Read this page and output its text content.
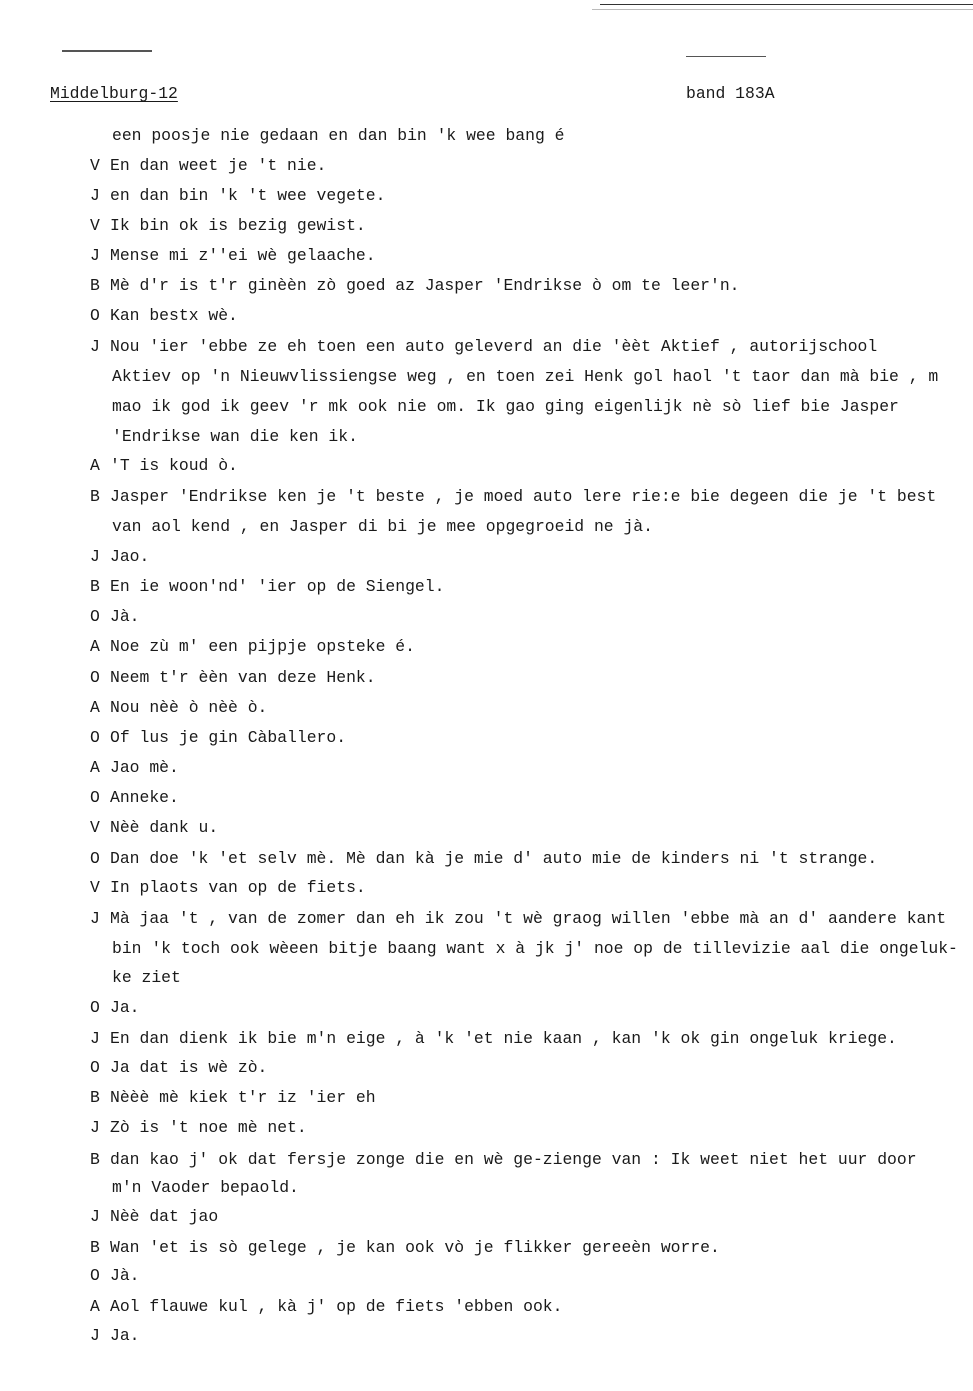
Middelburg-12	band 183A
een poosje nie gedaan en dan bin 'k wee bang é
V En dan weet je 't nie.
J en dan bin 'k 't wee vegete.
V Ik bin ok is bezig gewist.
J Mense mi z''ei wè gelaache.
B Mè d'r is t'r ginèèn zò goed az Jasper 'Endrikse ò om te leer'n.
O Kan bestx wè.
J Nou 'ier 'ebbe ze eh toen een auto geleverd an die 'èèt Aktief , autorijschool
Aktiev op 'n Nieuwvlissiengse weg , en toen zei Henk gol haol 't taor dan mà bie , m
mao ik god ik geev 'r mk ook nie om. Ik gao ging eigenlijk nè sò lief bie Jasper
'Endrikse wan die ken ik.
A 'T is koud ò.
B Jasper 'Endrikse ken je 't beste , je moed auto lere rie:e bie degeen die je 't best
van aol kend , en Jasper di bi je mee opgegroeid ne jà.
J Jao.
B En ie woon'nd' 'ier op de Siengel.
O Jà.
A Noe zù m' een pijpje opsteke é.
O Neem t'r èèn van deze Henk.
A Nou nèè ò nèè ò.
O Of lus je gin Càballero.
A Jao mè.
O Anneke.
V Nèè dank u.
O Dan doe 'k 'et selv mè. Mè dan kà je mie d' auto mie de kinders ni 't strange.
V In plaots van op de fiets.
J Mà jaa 't , van de zomer dan eh ik zou 't wè graog willen 'ebbe mà an d' aandere kant
bin 'k toch ook wèeen bitje baang want x à jk j' noe op de tillevizie aal die ongeluk-
ke ziet
O Ja.
J En dan dienk ik bie m'n eige , à 'k 'et nie kaan , kan 'k ok gin ongeluk kriege.
O Ja dat is wè zò.
B Nèèè mè kiek t'r iz 'ier eh
J Zò is 't noe mè net.
B dan kao j' ok dat fersje zonge die en wè ge-zienge van : Ik weet niet het uur door
m'n Vaoder bepaold.
J Nèè dat jao
B Wan 'et is sò gelege , je kan ook vò je flikker gereeèn worre.
O Jà.
A Aol flauwe kul , kà j' op de fiets 'ebben ook.
J Ja.
